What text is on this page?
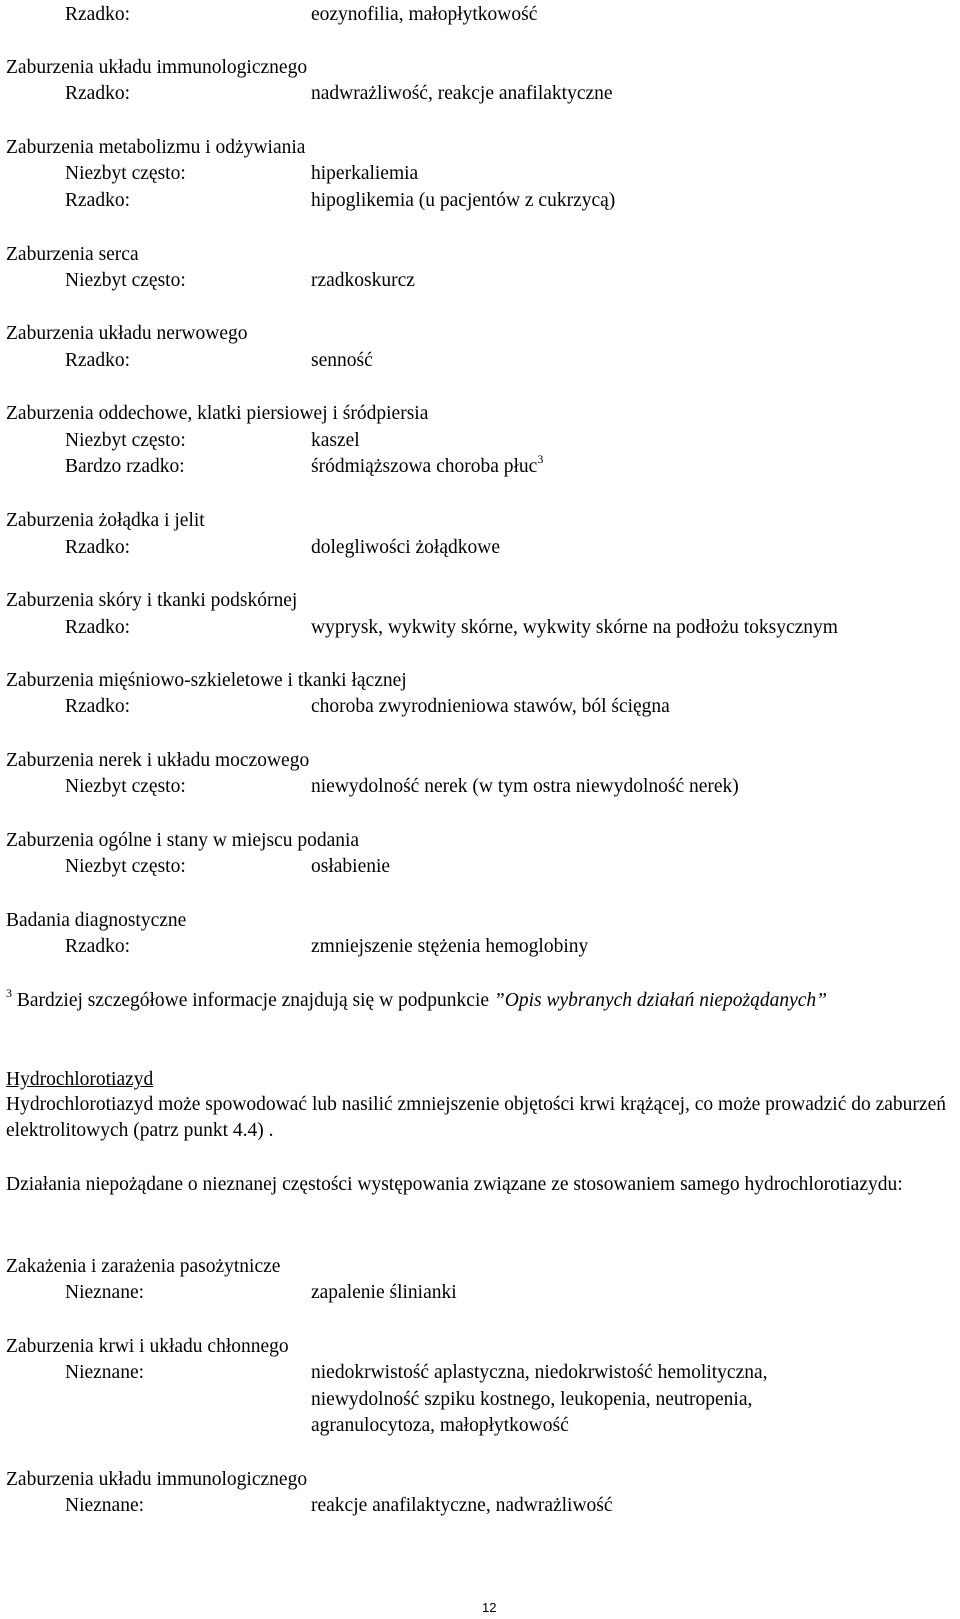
Rzadko:	eozynofilia, małopłytkowość
Zaburzenia układu immunologicznego
Rzadko:	nadwrażliwość, reakcje anafilaktyczne
Zaburzenia metabolizmu i odżywiania
Niezbyt często:	hiperkaliemia
Rzadko:	hipoglikemia (u pacjentów z cukrzycą)
Zaburzenia serca
Niezbyt często:	rzadkoskurcz
Zaburzenia układu nerwowego
Rzadko:	senność
Zaburzenia oddechowe, klatki piersiowej i śródpiersia
Niezbyt często:	kaszel
Bardzo rzadko:	śródmiąższowa choroba płuc$^3$
Zaburzenia żołądka i jelit
Rzadko:	dolegliwości żołądkowe
Zaburzenia skóry i tkanki podskórnej
Rzadko:	wyprysk, wykwity skórne, wykwity skórne na podłożu toksycznym
Zaburzenia mięśniowo-szkieletowe i tkanki łącznej
Rzadko:	choroba zwyrodnieniowa stawów, ból ścięgna
Zaburzenia nerek i układu moczowego
Niezbyt często:	niewydolność nerek (w tym ostra niewydolność nerek)
Zaburzenia ogólne i stany w miejscu podania
Niezbyt często:	osłabienie
Badania diagnostyczne
Rzadko:	zmniejszenie stężenia hemoglobiny
$^3$ Bardziej szczegółowe informacje znajdują się w podpunkcie ”Opis wybranych działań niepożądanych”
Hydrochlorotiazyd
Hydrochlorotiazyd może spowodować lub nasilić zmniejszenie objętości krwi krążącej, co może prowadzić do zaburzeń elektrolitowych (patrz punkt 4.4) .
Działania niepożądane o nieznanej częstości występowania związane ze stosowaniem samego hydrochlorotiazydu:
Zakażenia i zarażenia pasożytnicze
Nieznane:	zapalenie ślinianki
Zaburzenia krwi i układu chłonnego
Nieznane:	niedokrwistość aplastyczna, niedokrwistość hemolityczna,
niewydolność szpiku kostnego, leukopenia, neutropenia,
agranulocytoza, małopłytkowość
Zaburzenia układu immunologicznego
Nieznane:	reakcje anafilaktyczne, nadwrażliwość
12
